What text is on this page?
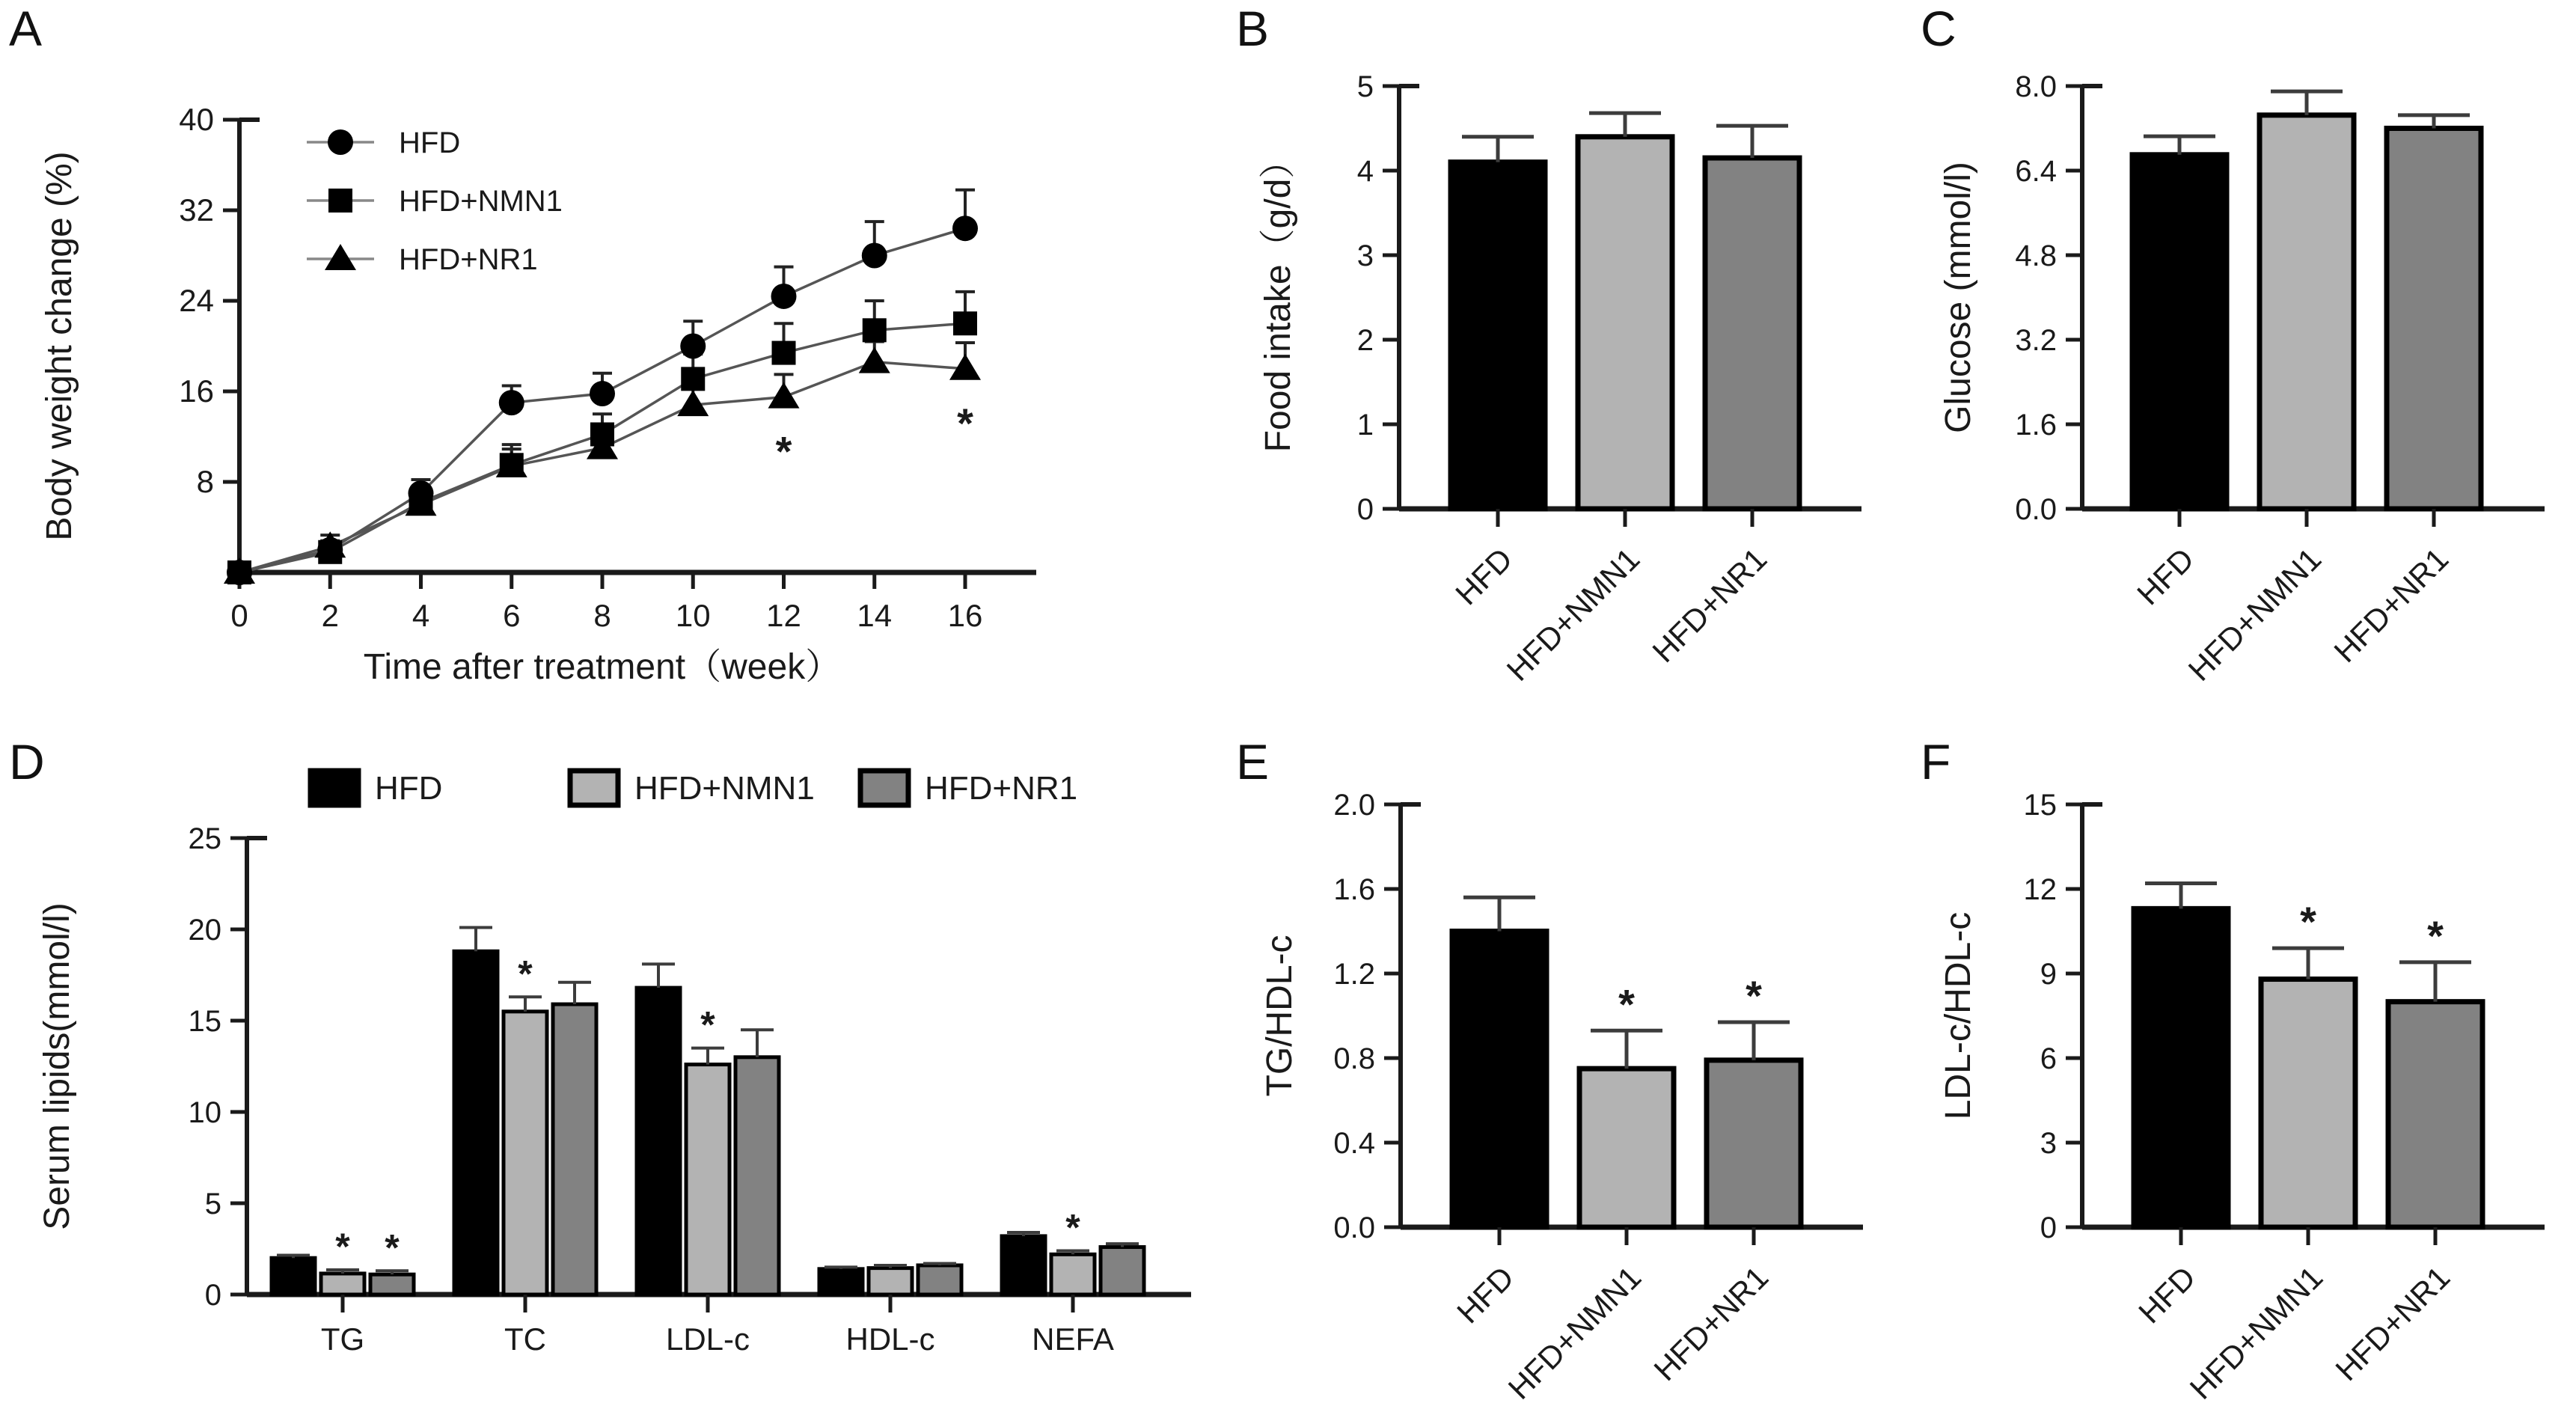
A
8
16
24
32
40
0 2 4 6 8 10 12 14 16
Time after treatment（week）
Body weight change (%)
HFD
HFD+NMN1
HFD+NR1
*
*
B
0
1
2
3
4
5
Food intake（g/d）
HFD
HFD+NMN1
HFD+NR1
C
0.0
1.6
3.2
4.8
6.4
8.0
Glucose (mmol/l)
HFD
HFD+NMN1
HFD+NR1
D
0
5
10
15
20
25
Serum lipids(mmol/l)
HFD	HFD+NMN1	HFD+NR1
* *
TG
*
TC
*
LDL-c	HDL-c
*
NEFA
E
0.0
0.4
0.8
1.2
1.6
2.0
TG/HDL-c
HFD
*
HFD+NMN1
*
HFD+NR1
F
0
3
6
9
12
15
LDL-c/HDL-c
HFD
*
HFD+NMN1
*
HFD+NR1
